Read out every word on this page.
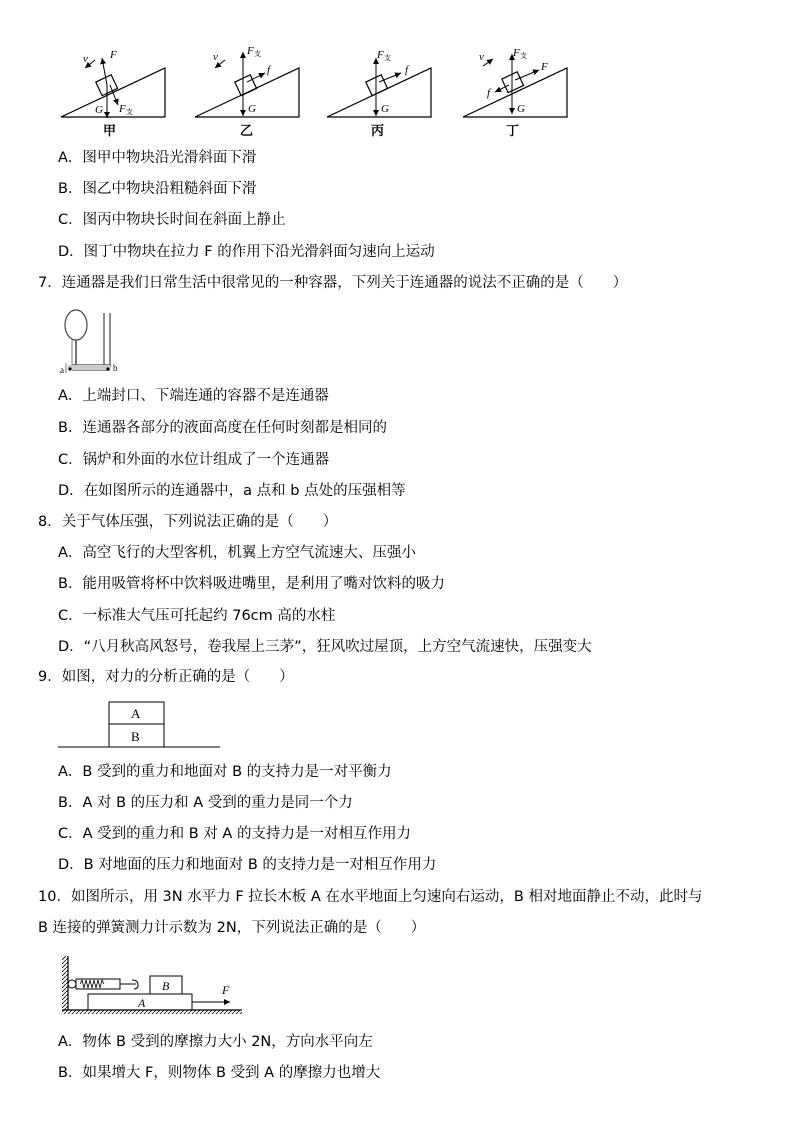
v F
G F 支
甲
v	F 支
f
G
乙
F 支
f
G
丙
v	F 支
F
f
G
丁
A．图甲中物块沿光滑斜面下滑
B．图乙中物块沿粗糙斜面下滑
C．图丙中物块长时间在斜面上静止
D．图丁中物块在拉力 F 的作用下沿光滑斜面匀速向上运动
7．连通器是我们日常生活中很常见的一种容器，下列关于连通器的说法不正确的是（　　）
a	b
A．上端封口、下端连通的容器不是连通器
B．连通器各部分的液面高度在任何时刻都是相同的
C．锅炉和外面的水位计组成了一个连通器
D．在如图所示的连通器中，a 点和 b 点处的压强相等
8．关于气体压强，下列说法正确的是（　　）
A．高空飞行的大型客机，机翼上方空气流速大、压强小
B．能用吸管将杯中饮料吸进嘴里，是利用了嘴对饮料的吸力
C．一标准大气压可托起约 76cm 高的水柱
D．“八月秋高风怒号，卷我屋上三茅”，狂风吹过屋顶，上方空气流速快，压强变大
9．如图，对力的分析正确的是（　　）
A
B
A．B 受到的重力和地面对 B 的支持力是一对平衡力
B．A 对 B 的压力和 A 受到的重力是同一个力
C．A 受到的重力和 B 对 A 的支持力是一对相互作用力
D．B 对地面的压力和地面对 B 的支持力是一对相互作用力
10．如图所示，用 3N 水平力 F 拉长木板 A 在水平地面上匀速向右运动，B 相对地面静止不动，此时与
B 连接的弹簧测力计示数为 2N，下列说法正确的是（　　）
B
A
F
A．物体 B 受到的摩擦力大小 2N，方向水平向左
B．如果增大 F，则物体 B 受到 A 的摩擦力也增大
